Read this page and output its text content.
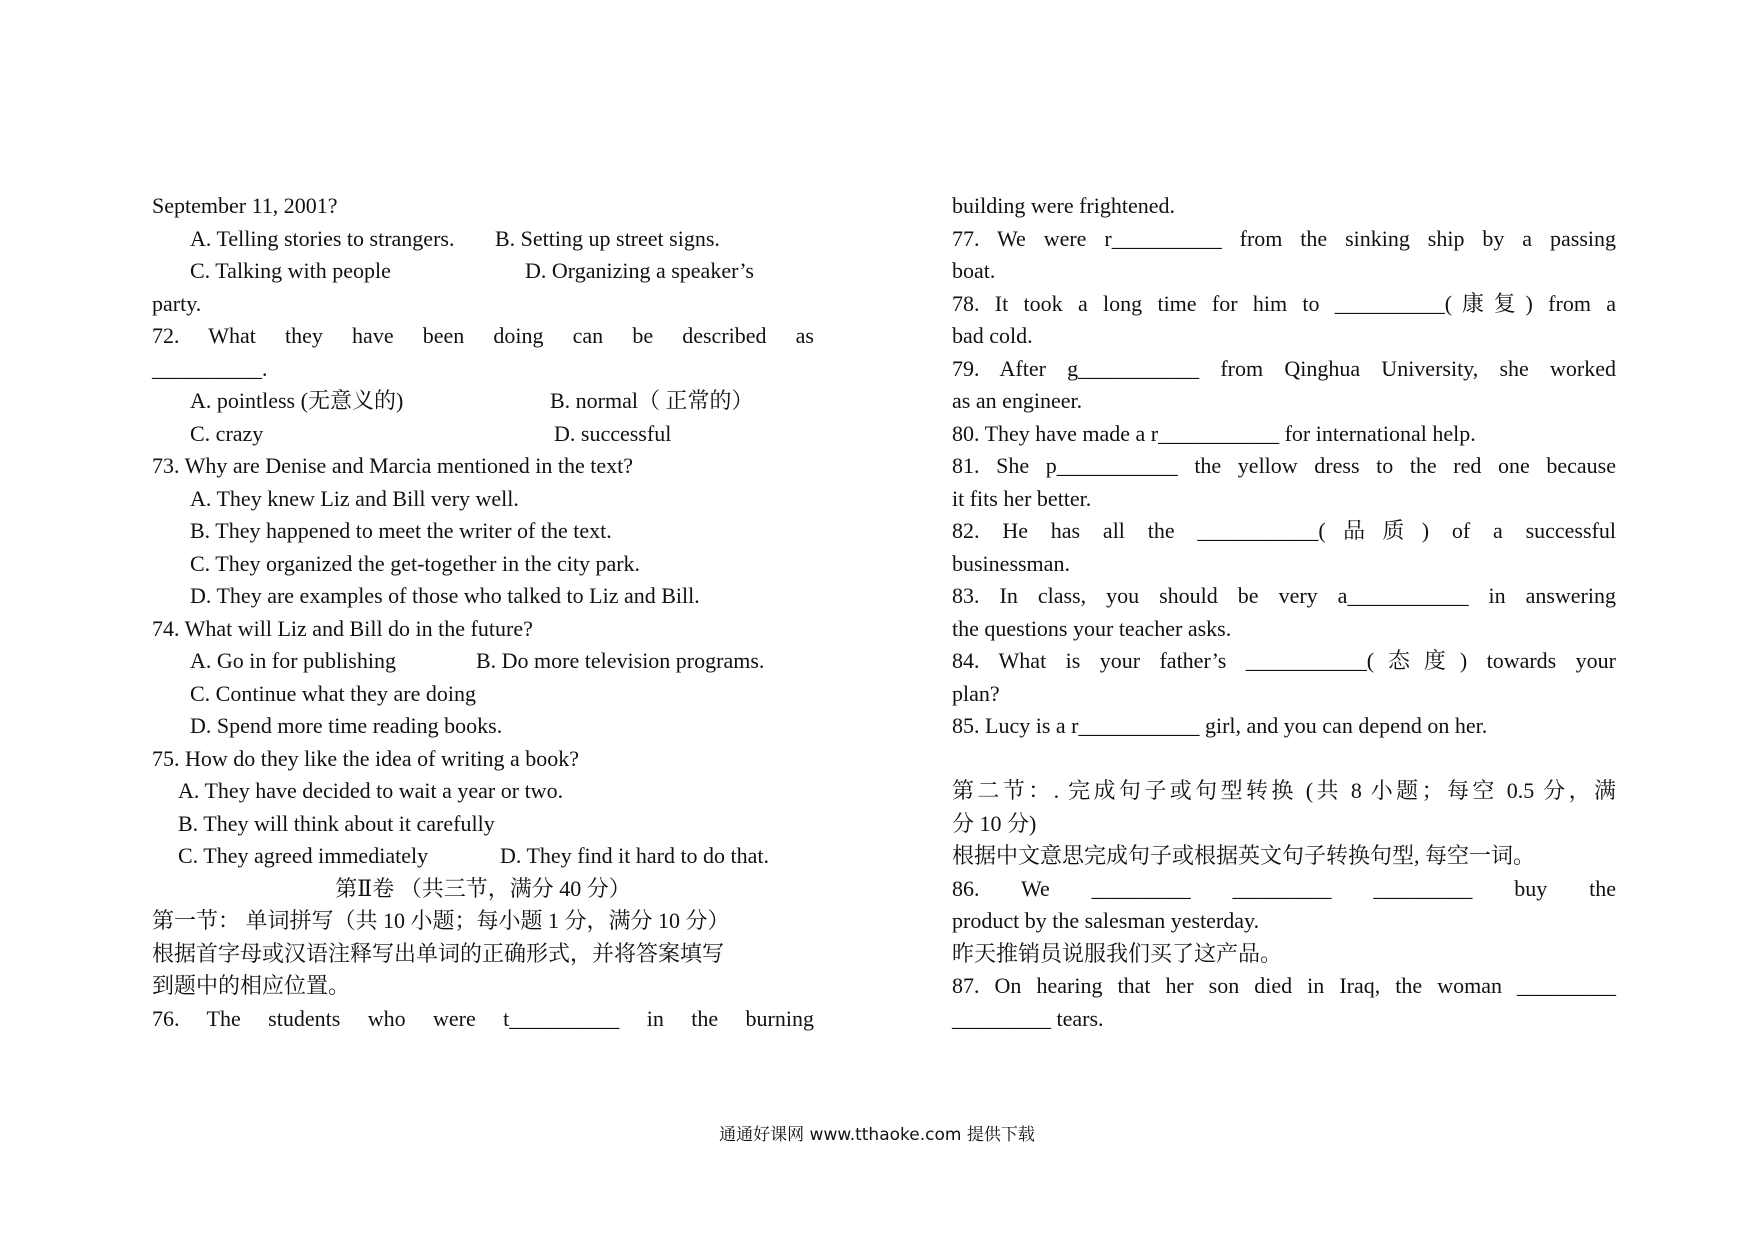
September 11, 2001?
A. Telling stories to strangers.	B. Setting up street signs.
C. Talking with people	D. Organizing a speaker’s
party.
72. What they have been doing can be described as
__________.
A. pointless (无意义的)	B. normal（ 正常的）
C. crazy	D. successful
73. Why are Denise and Marcia mentioned in the text?
A. They knew Liz and Bill very well.
B. They happened to meet the writer of the text.
C. They organized the get-together in the city park.
D. They are examples of those who talked to Liz and Bill.
74. What will Liz and Bill do in the future?
A. Go in for publishing	B. Do more television programs.
C. Continue what they are doing
D. Spend more time reading books.
75. How do they like the idea of writing a book?
A. They have decided to wait a year or two.
B. They will think about it carefully
C. They agreed immediately	D. They find it hard to do that.
第Ⅱ卷 （共三节，满分 40 分）
第一节： 单词拼写（共 10 小题；每小题 1 分，满分 10 分）
根据首字母或汉语注释写出单词的正确形式，并将答案填写
到题中的相应位置。
76. The students who were t__________ in the burning
building were frightened.
77. We were r__________ from the sinking ship by a passing
boat.
78. It took a long time for him to __________(康复) from a
bad cold.
79. After g___________ from Qinghua University, she worked
as an engineer.
80. They have made a r___________ for international help.
81. She p___________ the yellow dress to the red one because
it fits her better.
82. He has all the ___________(品质) of a successful
businessman.
83. In class, you should be very a___________ in answering
the questions your teacher asks.
84. What is your father’s ___________(态度) towards your
plan?
85. Lucy is a r___________ girl, and you can depend on her.
第二节：. 完成句子或句型转换 (共 8 小题；每空 0.5 分，满
分 10 分)
根据中文意思完成句子或根据英文句子转换句型, 每空一词。
86. We _________ _________ _________ buy the
product by the salesman yesterday.
昨天推销员说服我们买了这产品。
87. On hearing that her son died in Iraq, the woman _________
_________ tears.
通通好课网 www.tthaoke.com 提供下载
